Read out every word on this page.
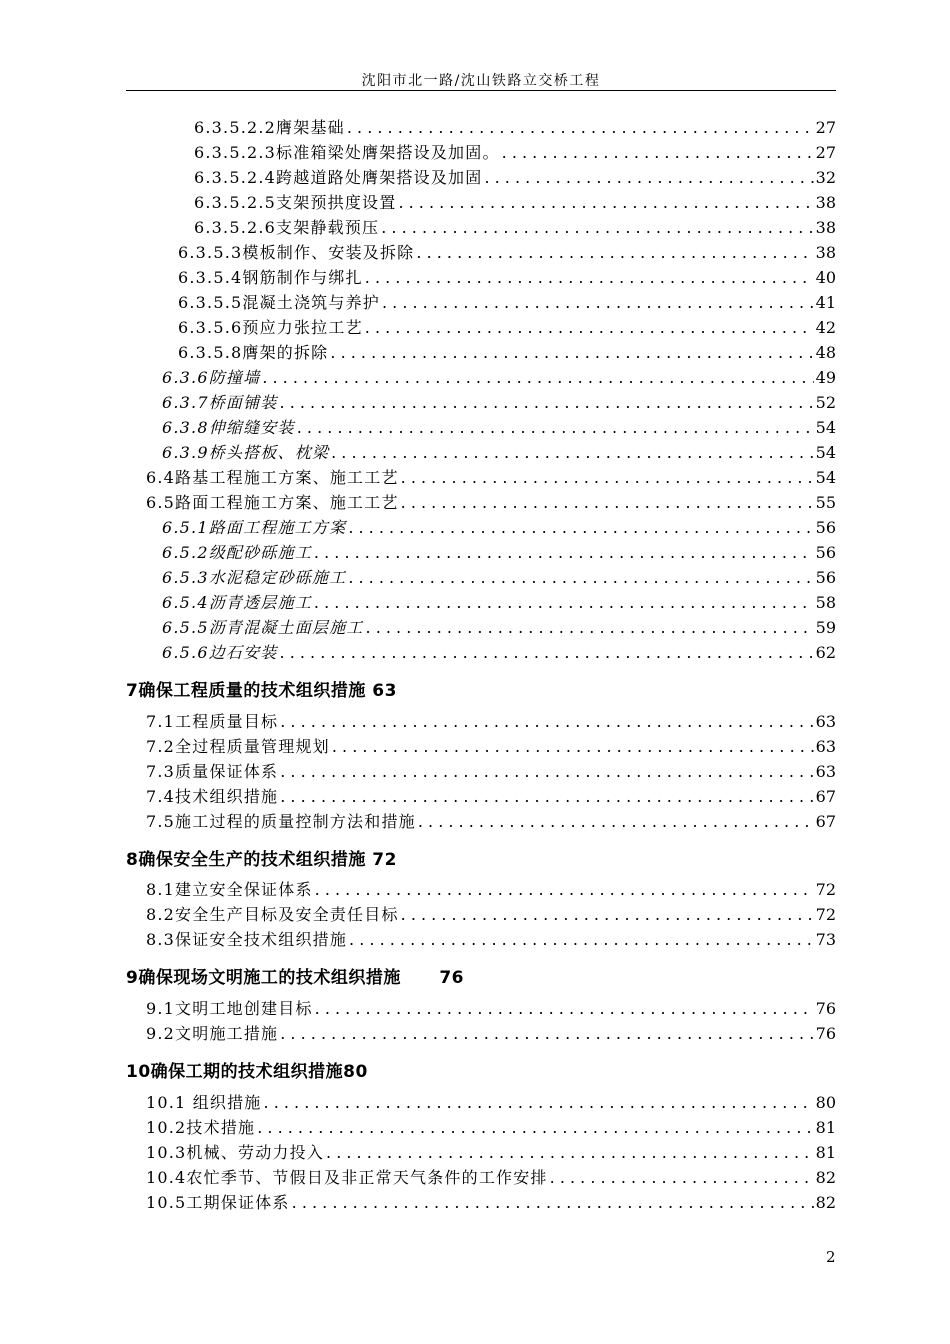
沈阳市北一路/沈山铁路立交桥工程
6.3.5.2.2膺架基础 . . .	27
6.3.5.2.3标准箱梁处膺架搭设及加固。 . . .	27
6.3.5.2.4跨越道路处膺架搭设及加固 . . .	32
6.3.5.2.5支架预拱度设置 . . .	38
6.3.5.2.6支架静载预压 . . .	38
6.3.5.3模板制作、安装及拆除 . . .	38
6.3.5.4钢筋制作与绑扎 . . .	40
6.3.5.5混凝土浇筑与养护 . . .	41
6.3.5.6预应力张拉工艺 . . .	42
6.3.5.8膺架的拆除 . . .	48
6.3.6防撞墙 . . .	49
6.3.7桥面铺装 . . .	52
6.3.8伸缩缝安装 . . .	54
6.3.9桥头搭板、枕梁 . . .	54
6.4路基工程施工方案、施工工艺 . . .	54
6.5路面工程施工方案、施工工艺 . . .	55
6.5.1路面工程施工方案 . . .	56
6.5.2级配砂砾施工 . . .	56
6.5.3水泥稳定砂砾施工 . . .	56
6.5.4沥青透层施工 . . .	58
6.5.5沥青混凝土面层施工 . . .	59
6.5.6边石安装 . . .	62
7确保工程质量的技术组织措施 63
7.1工程质量目标 . . .	63
7.2全过程质量管理规划 . . .	63
7.3质量保证体系 . . .	63
7.4技术组织措施 . . .	67
7.5施工过程的质量控制方法和措施 . . .	67
8确保安全生产的技术组织措施 72
8.1建立安全保证体系 . . .	72
8.2安全生产目标及安全责任目标 . . .	72
8.3保证安全技术组织措施 . . .	73
9确保现场文明施工的技术组织措施      76
9.1文明工地创建目标 . . .	76
9.2文明施工措施 . . .	76
10确保工期的技术组织措施80
10.1 组织措施 . . .	80
10.2技术措施 . . .	81
10.3机械、劳动力投入 . . .	81
10.4农忙季节、节假日及非正常天气条件的工作安排 . . .	82
10.5工期保证体系 . . .	82
2
